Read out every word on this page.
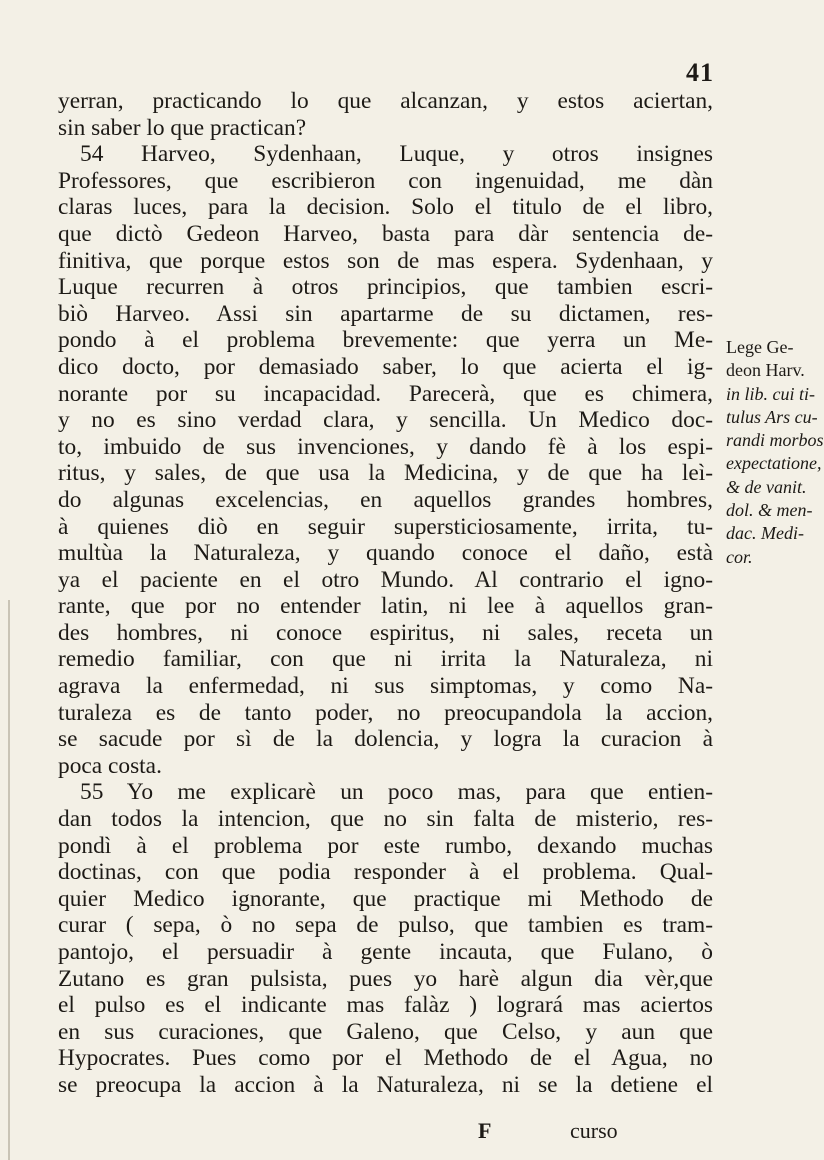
41

yerran, practicando lo que alcanzan, y estos aciertan,

sin saber lo que practican?

54 Harveo, Sydenhaan, Luque, y otros insignes

Professores, que escribieron con ingenuidad, me dàn

claras luces, para la decision. Solo el titulo de el libro,

que dictò Gedeon Harveo, basta para dàr sentencia de-

finitiva, que porque estos son de mas espera. Sydenhaan, y

Luque recurren à otros principios, que tambien escri-

biò Harveo. Assi sin apartarme de su dictamen, res-

pondo à el problema brevemente: que yerra un Me-

dico docto, por demasiado saber, lo que acierta el ig-

norante por su incapacidad. Parecerà, que es chimera,

y no es sino verdad clara, y sencilla. Un Medico doc-

to, imbuido de sus invenciones, y dando fè à los espi-

ritus, y sales, de que usa la Medicina, y de que ha leì-

do algunas excelencias, en aquellos grandes hombres,

à quienes diò en seguir supersticiosamente, irrita, tu-

multùa la Naturaleza, y quando conoce el daño, està

ya el paciente en el otro Mundo. Al contrario el igno-

rante, que por no entender latin, ni lee à aquellos gran-

des hombres, ni conoce espiritus, ni sales, receta un

remedio familiar, con que ni irrita la Naturaleza, ni

agrava la enfermedad, ni sus simptomas, y como Na-

turaleza es de tanto poder, no preocupandola la accion,

se sacude por sì de la dolencia, y logra la curacion à

poca costa.

55 Yo me explicarè un poco mas, para que entien-

dan todos la intencion, que no sin falta de misterio, res-

pondì à el problema por este rumbo, dexando muchas

doctinas, con que podia responder à el problema. Qual-

quier Medico ignorante, que practique mi Methodo de

curar ( sepa, ò no sepa de pulso, que tambien es tram-

pantojo, el persuadir à gente incauta, que Fulano, ò

Zutano es gran pulsista, pues yo harè algun dia vèr,que

el pulso es el indicante mas falàz ) logrará mas aciertos

en sus curaciones, que Galeno, que Celso, y aun que

Hypocrates. Pues como por el Methodo de el Agua, no

se preocupa la accion à la Naturaleza, ni se la detiene el

Lege Ge-
deon Harv.
in lib. cui ti-
tulus Ars cu-
randi morbos
expectatione,
& de vanit.
dol. & men-
dac. Medi-
cor.
F	cursо
